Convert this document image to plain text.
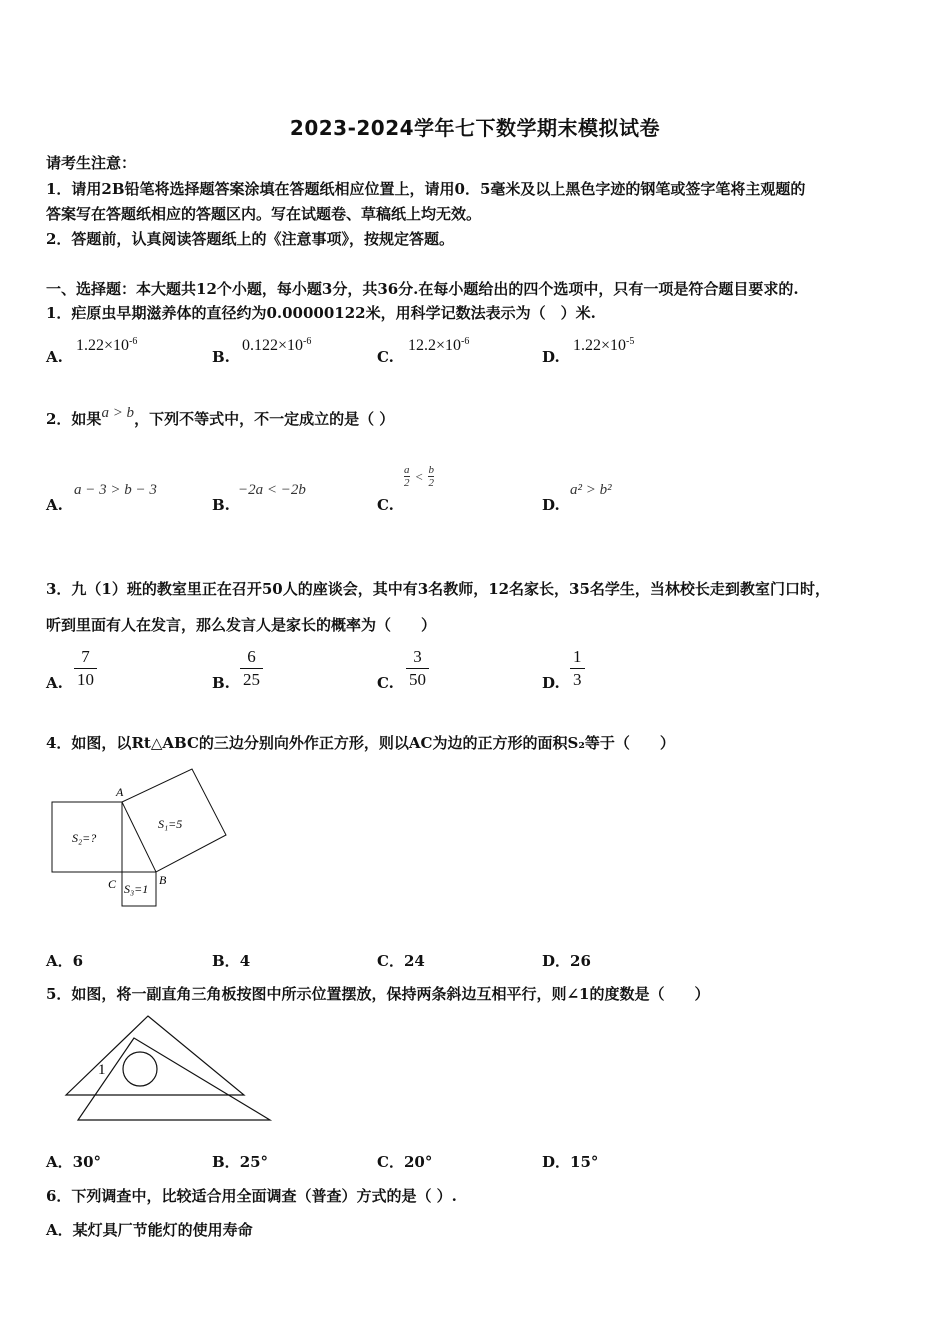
2023-2024学年七下数学期末模拟试卷
请考生注意：
1．请用2B铅笔将选择题答案涂填在答题纸相应位置上，请用0．5毫米及以上黑色字迹的钢笔或签字笔将主观题的
答案写在答题纸相应的答题区内。写在试题卷、草稿纸上均无效。
2．答题前，认真阅读答题纸上的《注意事项》，按规定答题。
一、选择题：本大题共12个小题，每小题3分，共36分.在每小题给出的四个选项中，只有一项是符合题目要求的.
1．疟原虫早期滋养体的直径约为0.00000122米，用科学记数法表示为（　）米.
A.
$1.22\times 10^{-6}$
B.
$0.122\times 10^{-6}$
C.
$12.2\times 10^{-6}$
D.
$1.22\times 10^{-5}$
2．如果a > b，下列不等式中，不一定成立的是（ ）
A.
a − 3 > b − 3
B.
−2a < −2b
C.
$\frac{a}{2} < \frac{b}{2}$
D.
a² > b²
3．九（1）班的教室里正在召开50人的座谈会，其中有3名教师，12名家长，35名学生，当林校长走到教室门口时，
听到里面有人在发言，那么发言人是家长的概率为（　　）
A. $\frac{7}{10}$	B. $\frac{6}{25}$	C. $\frac{3}{50}$	D. $\frac{1}{3}$
4．如图，以Rt△ABC的三边分别向外作正方形，则以AC为边的正方形的面积S₂等于（　　）
A
C	B
S₂=?
S₁=5
S₃=1
A．6	B．4	C．24	D．26
5．如图，将一副直角三角板按图中所示位置摆放，保持两条斜边互相平行，则∠1的度数是（　　）
1
A．30°	B．25°	C．20°	D．15°
6．下列调查中，比较适合用全面调查（普查）方式的是（ ）.
A．某灯具厂节能灯的使用寿命
